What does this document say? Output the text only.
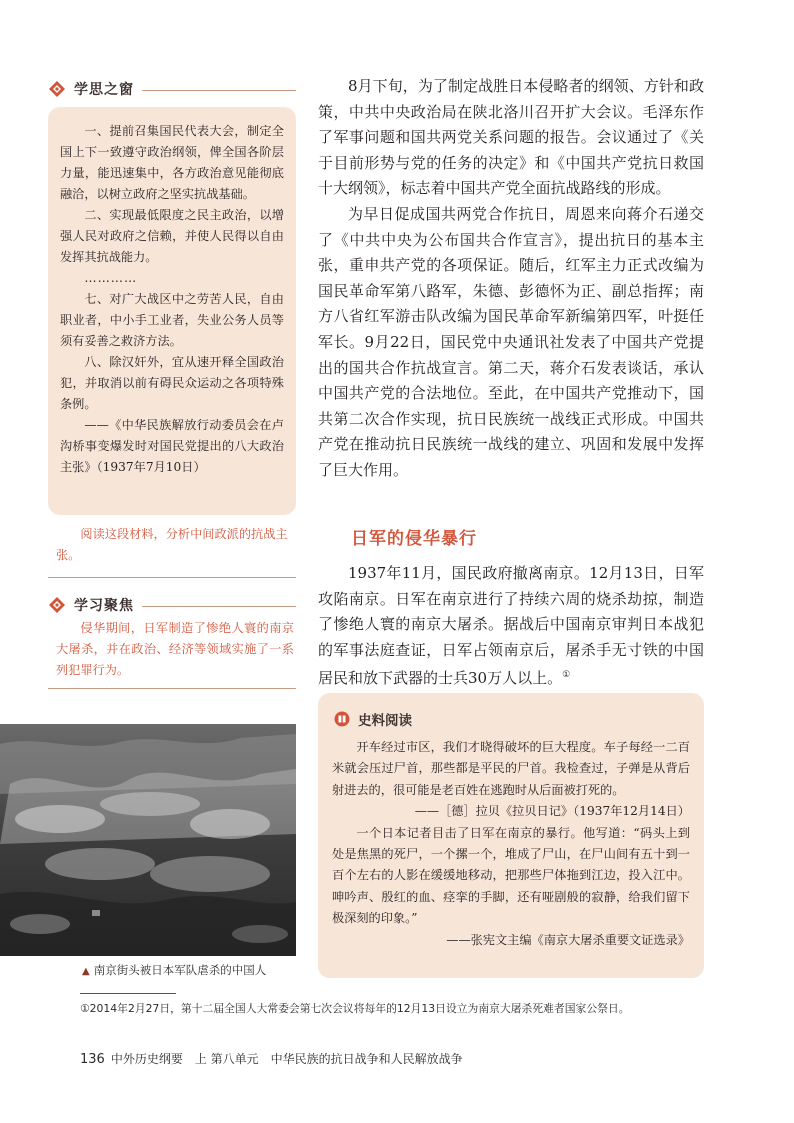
学思之窗

一、提前召集国民代表大会，制定全国上下一致遵守政治纲领，俾全国各阶层力量，能迅速集中，各方政治意见能彻底融洽，以树立政府之坚实抗战基础。

二、实现最低限度之民主政治，以增强人民对政府之信赖，并使人民得以自由发挥其抗战能力。

…………

七、对广大战区中之劳苦人民，自由职业者，中小手工业者，失业公务人员等须有妥善之救济方法。

八、除汉奸外，宜从速开释全国政治犯，并取消以前有碍民众运动之各项特殊条例。

——《中华民族解放行动委员会在卢沟桥事变爆发时对国民党提出的八大政治主张》（1937年7月10日）

阅读这段材料，分析中间政派的抗战主张。

学习聚焦

侵华期间，日军制造了惨绝人寰的南京大屠杀，并在政治、经济等领域实施了一系列犯罪行为。

▲ 南京街头被日本军队虐杀的中国人

8月下旬，为了制定战胜日本侵略者的纲领、方针和政策，中共中央政治局在陕北洛川召开扩大会议。毛泽东作了军事问题和国共两党关系问题的报告。会议通过了《关于目前形势与党的任务的决定》和《中国共产党抗日救国十大纲领》，标志着中国共产党全面抗战路线的形成。

为早日促成国共两党合作抗日，周恩来向蒋介石递交了《中共中央为公布国共合作宣言》，提出抗日的基本主张，重申共产党的各项保证。随后，红军主力正式改编为国民革命军第八路军，朱德、彭德怀为正、副总指挥；南方八省红军游击队改编为国民革命军新编第四军，叶挺任军长。9月22日，国民党中央通讯社发表了中国共产党提出的国共合作抗战宣言。第二天，蒋介石发表谈话，承认中国共产党的合法地位。至此，在中国共产党推动下，国共第二次合作实现，抗日民族统一战线正式形成。中国共产党在推动抗日民族统一战线的建立、巩固和发展中发挥了巨大作用。

日军的侵华暴行

1937年11月，国民政府撤离南京。12月13日，日军攻陷南京。日军在南京进行了持续六周的烧杀劫掠，制造了惨绝人寰的南京大屠杀。据战后中国南京审判日本战犯的军事法庭查证，日军占领南京后，屠杀手无寸铁的中国居民和放下武器的士兵30万人以上。①

史料阅读

开车经过市区，我们才晓得破坏的巨大程度。车子每经一二百米就会压过尸首，那些都是平民的尸首。我检查过，子弹是从背后射进去的，很可能是老百姓在逃跑时从后面被打死的。

——［德］拉贝《拉贝日记》（1937年12月14日）

一个日本记者目击了日军在南京的暴行。他写道：“码头上到处是焦黑的死尸，一个摞一个，堆成了尸山，在尸山间有五十到一百个左右的人影在缓缓地移动，把那些尸体拖到江边，投入江中。呻吟声、殷红的血、痉挛的手脚，还有哑剧般的寂静，给我们留下极深刻的印象。”

——张宪文主编《南京大屠杀重要文证选录》

①2014年2月27日，第十二届全国人大常委会第七次会议将每年的12月13日设立为南京大屠杀死难者国家公祭日。
136 中外历史纲要　上 第八单元　中华民族的抗日战争和人民解放战争
